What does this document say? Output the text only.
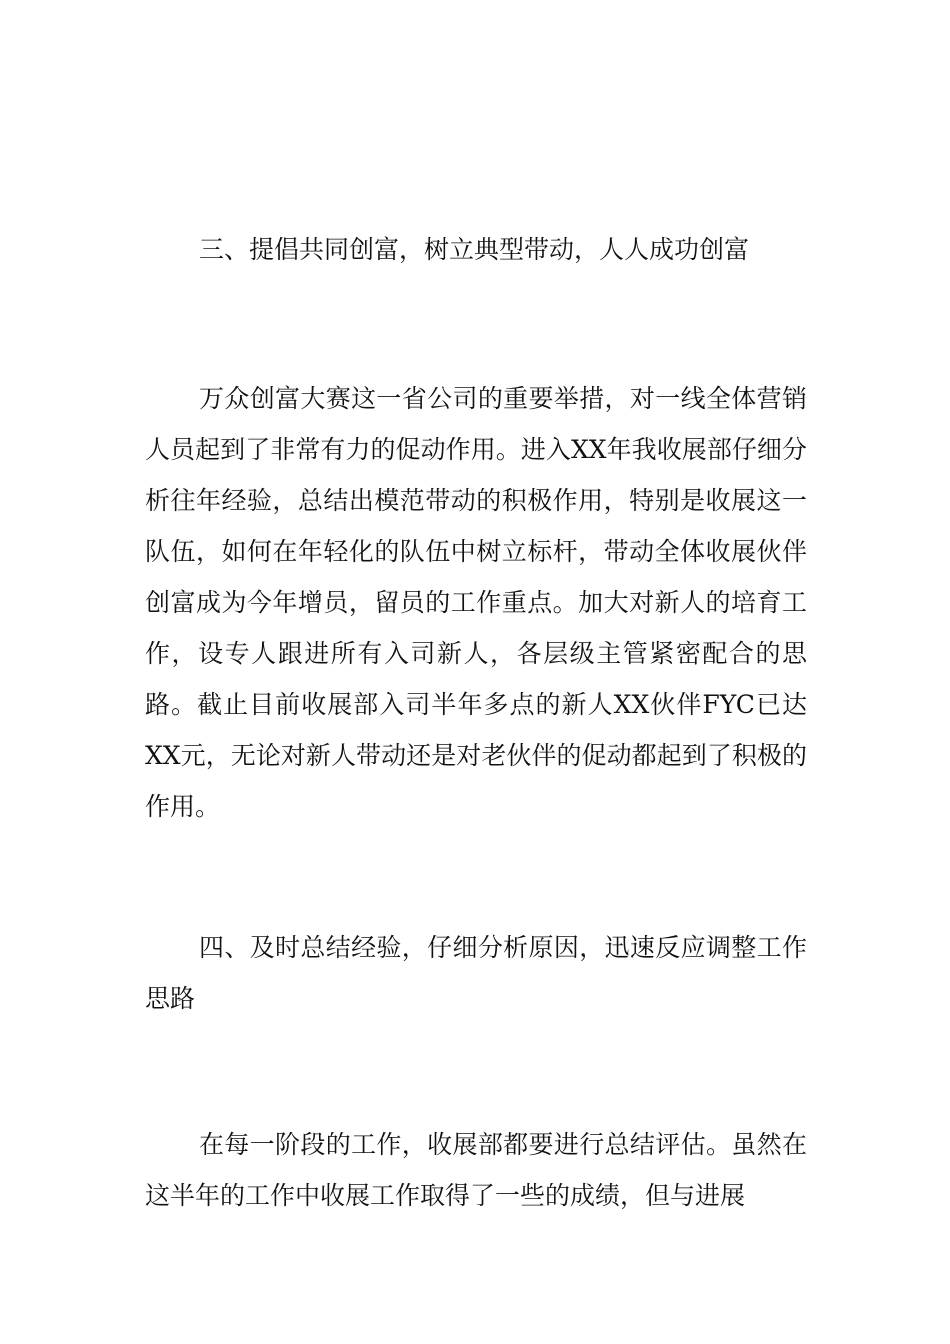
三、提倡共同创富，树立典型带动，人人成功创富

万众创富大赛这一省公司的重要举措，对一线全体营销人员起到了非常有力的促动作用。进入XX年我收展部仔细分析往年经验，总结出模范带动的积极作用，特别是收展这一队伍，如何在年轻化的队伍中树立标杆，带动全体收展伙伴创富成为今年增员，留员的工作重点。加大对新人的培育工作，设专人跟进所有入司新人，各层级主管紧密配合的思路。截止目前收展部入司半年多点的新人XX伙伴FYC已达XX元，无论对新人带动还是对老伙伴的促动都起到了积极的作用。

四、及时总结经验，仔细分析原因，迅速反应调整工作思路

在每一阶段的工作，收展部都要进行总结评估。虽然在这半年的工作中收展工作取得了一些的成绩，但与进展
